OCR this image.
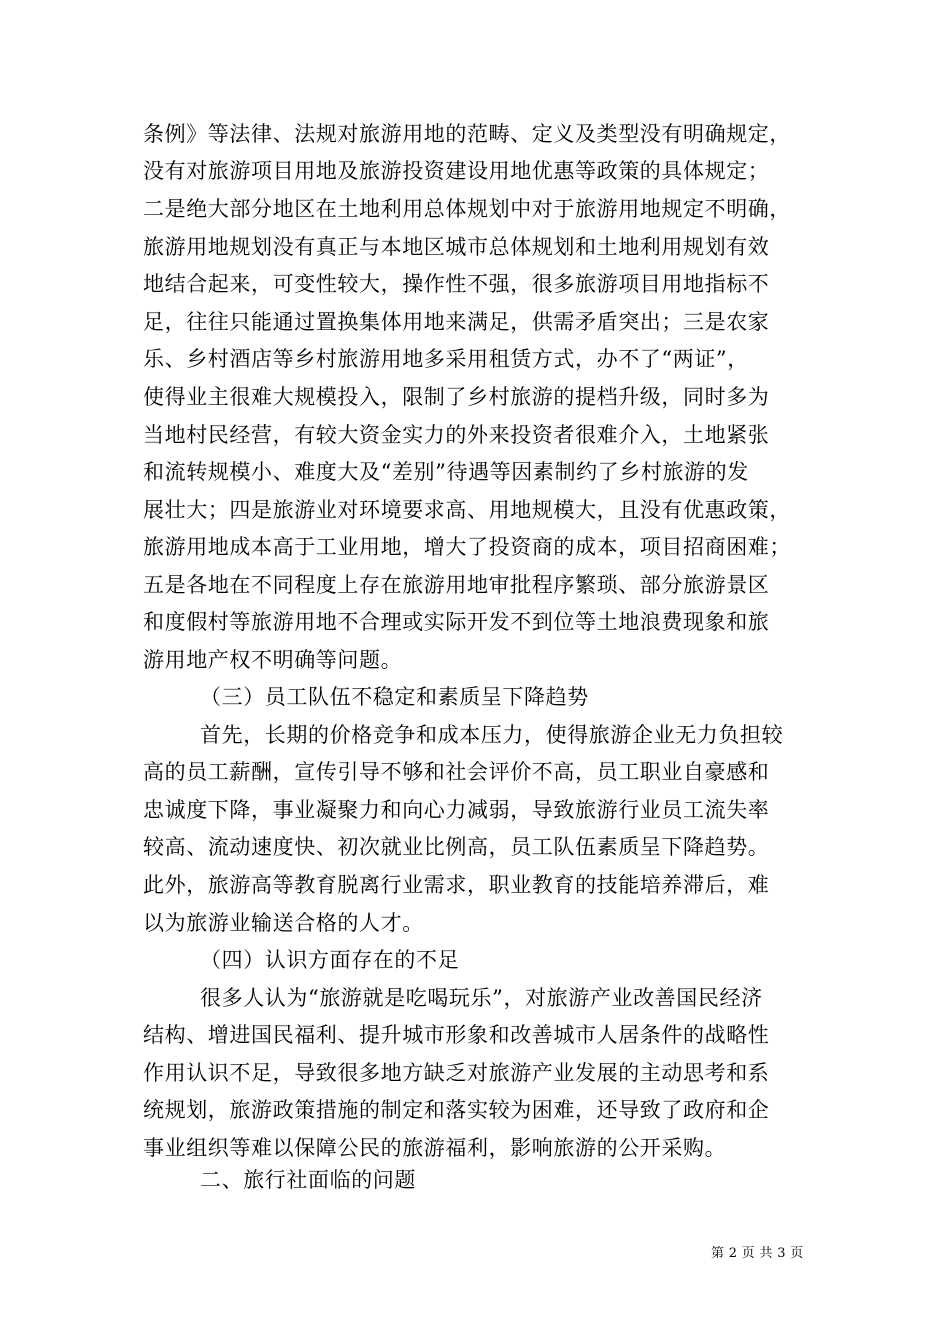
条例》等法律、法规对旅游用地的范畴、定义及类型没有明确规定，
没有对旅游项目用地及旅游投资建设用地优惠等政策的具体规定；
二是绝大部分地区在土地利用总体规划中对于旅游用地规定不明确，
旅游用地规划没有真正与本地区城市总体规划和土地利用规划有效
地结合起来，可变性较大，操作性不强，很多旅游项目用地指标不
足，往往只能通过置换集体用地来满足，供需矛盾突出；三是农家
乐、乡村酒店等乡村旅游用地多采用租赁方式，办不了“两证”，
使得业主很难大规模投入，限制了乡村旅游的提档升级，同时多为
当地村民经营，有较大资金实力的外来投资者很难介入，土地紧张
和流转规模小、难度大及“差别”待遇等因素制约了乡村旅游的发
展壮大；四是旅游业对环境要求高、用地规模大，且没有优惠政策，
旅游用地成本高于工业用地，增大了投资商的成本，项目招商困难；
五是各地在不同程度上存在旅游用地审批程序繁琐、部分旅游景区
和度假村等旅游用地不合理或实际开发不到位等土地浪费现象和旅
游用地产权不明确等问题。
（三）员工队伍不稳定和素质呈下降趋势
首先，长期的价格竞争和成本压力，使得旅游企业无力负担较
高的员工薪酬，宣传引导不够和社会评价不高，员工职业自豪感和
忠诚度下降，事业凝聚力和向心力减弱，导致旅游行业员工流失率
较高、流动速度快、初次就业比例高，员工队伍素质呈下降趋势。
此外，旅游高等教育脱离行业需求，职业教育的技能培养滞后，难
以为旅游业输送合格的人才。
（四）认识方面存在的不足
很多人认为“旅游就是吃喝玩乐”，对旅游产业改善国民经济
结构、增进国民福利、提升城市形象和改善城市人居条件的战略性
作用认识不足，导致很多地方缺乏对旅游产业发展的主动思考和系
统规划，旅游政策措施的制定和落实较为困难，还导致了政府和企
事业组织等难以保障公民的旅游福利，影响旅游的公开采购。
二、旅行社面临的问题
第 2 页 共 3 页
